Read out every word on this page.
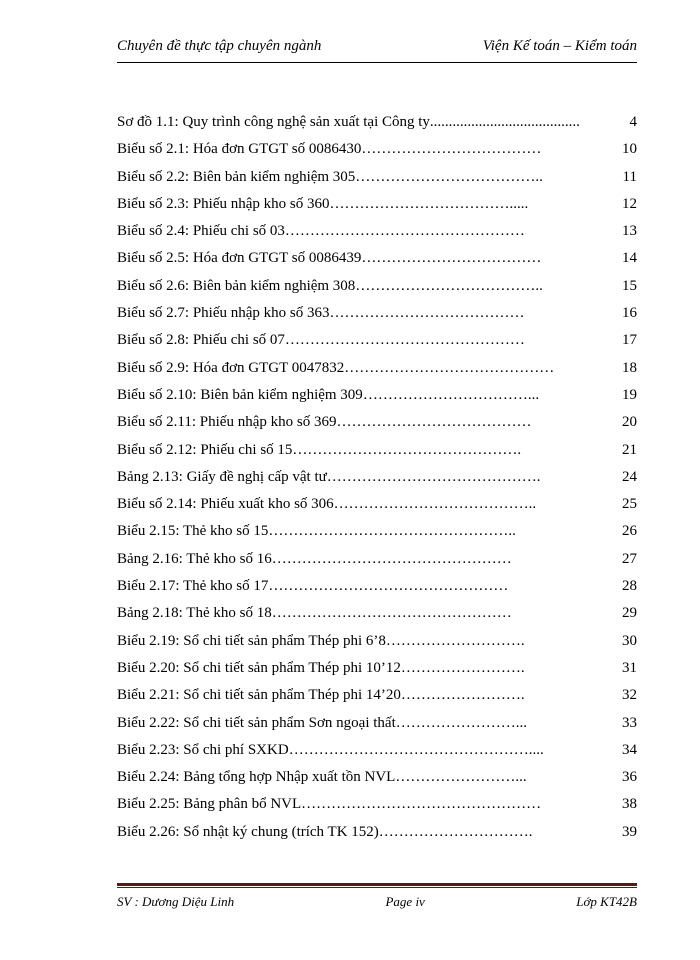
Chuyên đề thực tập chuyên ngành	Viện Kế toán – Kiểm toán
Sơ đồ 1.1: Quy trình công nghệ sản xuất tại Công ty ........................................	4
Biểu số 2.1: Hóa đơn GTGT số 0086430 ………………………………	10
Biểu số 2.2: Biên bản kiểm nghiệm 305 ………………………………..	11
Biểu số 2.3: Phiếu nhập kho số 360 ……………………………….....	12
Biểu số 2.4: Phiếu chi số 03 …………………………………………	13
Biểu số 2.5: Hóa đơn GTGT số 0086439 ………………………………	14
Biểu số 2.6: Biên bản kiểm nghiệm 308 ………………………………..	15
Biểu số 2.7: Phiếu nhập kho số 363 …………………………………	16
Biểu số 2.8: Phiếu chi số 07 …………………………………………	17
Biểu số 2.9: Hóa đơn GTGT 0047832 ……………………………………	18
Biểu số 2.10: Biên bản kiểm nghiệm 309 ……………………………...	19
Biểu số 2.11: Phiếu nhập kho số 369 …………………………………	20
Biểu số 2.12: Phiếu chi số 15 ……………………………………….	21
Bảng 2.13: Giấy đề nghị cấp vật tư …………………………………….	24
Biểu số 2.14: Phiếu xuất kho số 306 …………………………………..	25
Biểu 2.15: Thẻ kho số 15 …………………………………………..	26
Bảng 2.16: Thẻ kho số 16 …………………………………………	27
Biểu 2.17: Thẻ kho số 17 …………………………………………	28
Bảng 2.18: Thẻ kho số 18 …………………………………………	29
Biểu 2.19: Sổ chi tiết sản phẩm Thép phi 6’8 ……………………….	30
Biểu 2.20: Sổ chi tiết sản phẩm Thép phi 10’12 …………………….	31
Biểu 2.21: Sổ chi tiết sản phẩm Thép phi 14’20 …………………….	32
Biểu 2.22: Sổ chi tiết sản phẩm Sơn ngoại thất ……………………...	33
Biểu 2.23: Sổ chi phí SXKD …………………………………………....	34
Biểu 2.24: Bảng tổng hợp Nhập xuất tồn NVL ……………………...	36
Biểu 2.25: Bảng phân bổ NVL …………………………………………	38
Biểu 2.26: Sổ nhật ký chung (trích TK 152) ………………………….	39
SV : Dương Diệu Linh	Page iv	Lớp KT42B
